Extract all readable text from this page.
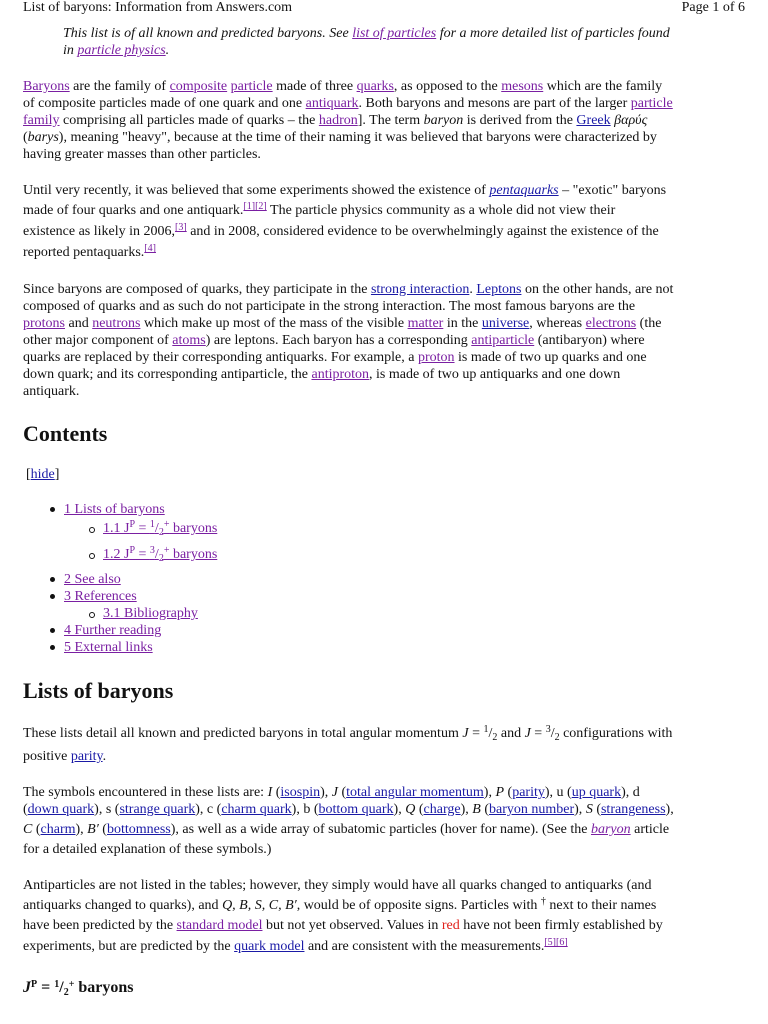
List of baryons: Information from Answers.com	Page 1 of 6
This list is of all known and predicted baryons. See list of particles for a more detailed list of particles found
in particle physics.
Baryons are the family of composite particle made of three quarks, as opposed to the mesons which are the family
of composite particles made of one quark and one antiquark. Both baryons and mesons are part of the larger particle
family comprising all particles made of quarks – the hadron]. The term baryon is derived from the Greek βαρύς
(barys), meaning "heavy", because at the time of their naming it was believed that baryons were characterized by
having greater masses than other particles.
Until very recently, it was believed that some experiments showed the existence of pentaquarks – "exotic" baryons
made of four quarks and one antiquark.[1][2] The particle physics community as a whole did not view their
existence as likely in 2006,[3] and in 2008, considered evidence to be overwhelmingly against the existence of the
reported pentaquarks.[4]
Since baryons are composed of quarks, they participate in the strong interaction. Leptons on the other hands, are not
composed of quarks and as such do not participate in the strong interaction. The most famous baryons are the
protons and neutrons which make up most of the mass of the visible matter in the universe, whereas electrons (the
other major component of atoms) are leptons. Each baryon has a corresponding antiparticle (antibaryon) where
quarks are replaced by their corresponding antiquarks. For example, a proton is made of two up quarks and one
down quark; and its corresponding antiparticle, the antiproton, is made of two up antiquarks and one down
antiquark.
Contents
[hide]
1 Lists of baryons
1.1 $J^P = ^1/_2^+$ baryons
1.2 $J^P = ^3/_2^+$ baryons
2 See also
3 References
3.1 Bibliography
4 Further reading
5 External links
Lists of baryons
These lists detail all known and predicted baryons in total angular momentum $J = ^1/_2$ and $J = ^3/_2$ configurations with
positive parity.
The symbols encountered in these lists are: I (isospin), J (total angular momentum), P (parity), u (up quark), d
(down quark), s (strange quark), c (charm quark), b (bottom quark), Q (charge), B (baryon number), S (strangeness),
C (charm), B′ (bottomness), as well as a wide array of subatomic particles (hover for name). (See the baryon article
for a detailed explanation of these symbols.)
Antiparticles are not listed in the tables; however, they simply would have all quarks changed to antiquarks (and
antiquarks changed to quarks), and Q, B, S, C, B′, would be of opposite signs. Particles with † next to their names
have been predicted by the standard model but not yet observed. Values in red have not been firmly established by
experiments, but are predicted by the quark model and are consistent with the measurements.[5][6]
$J^P = ^1/_2^+$ baryons
